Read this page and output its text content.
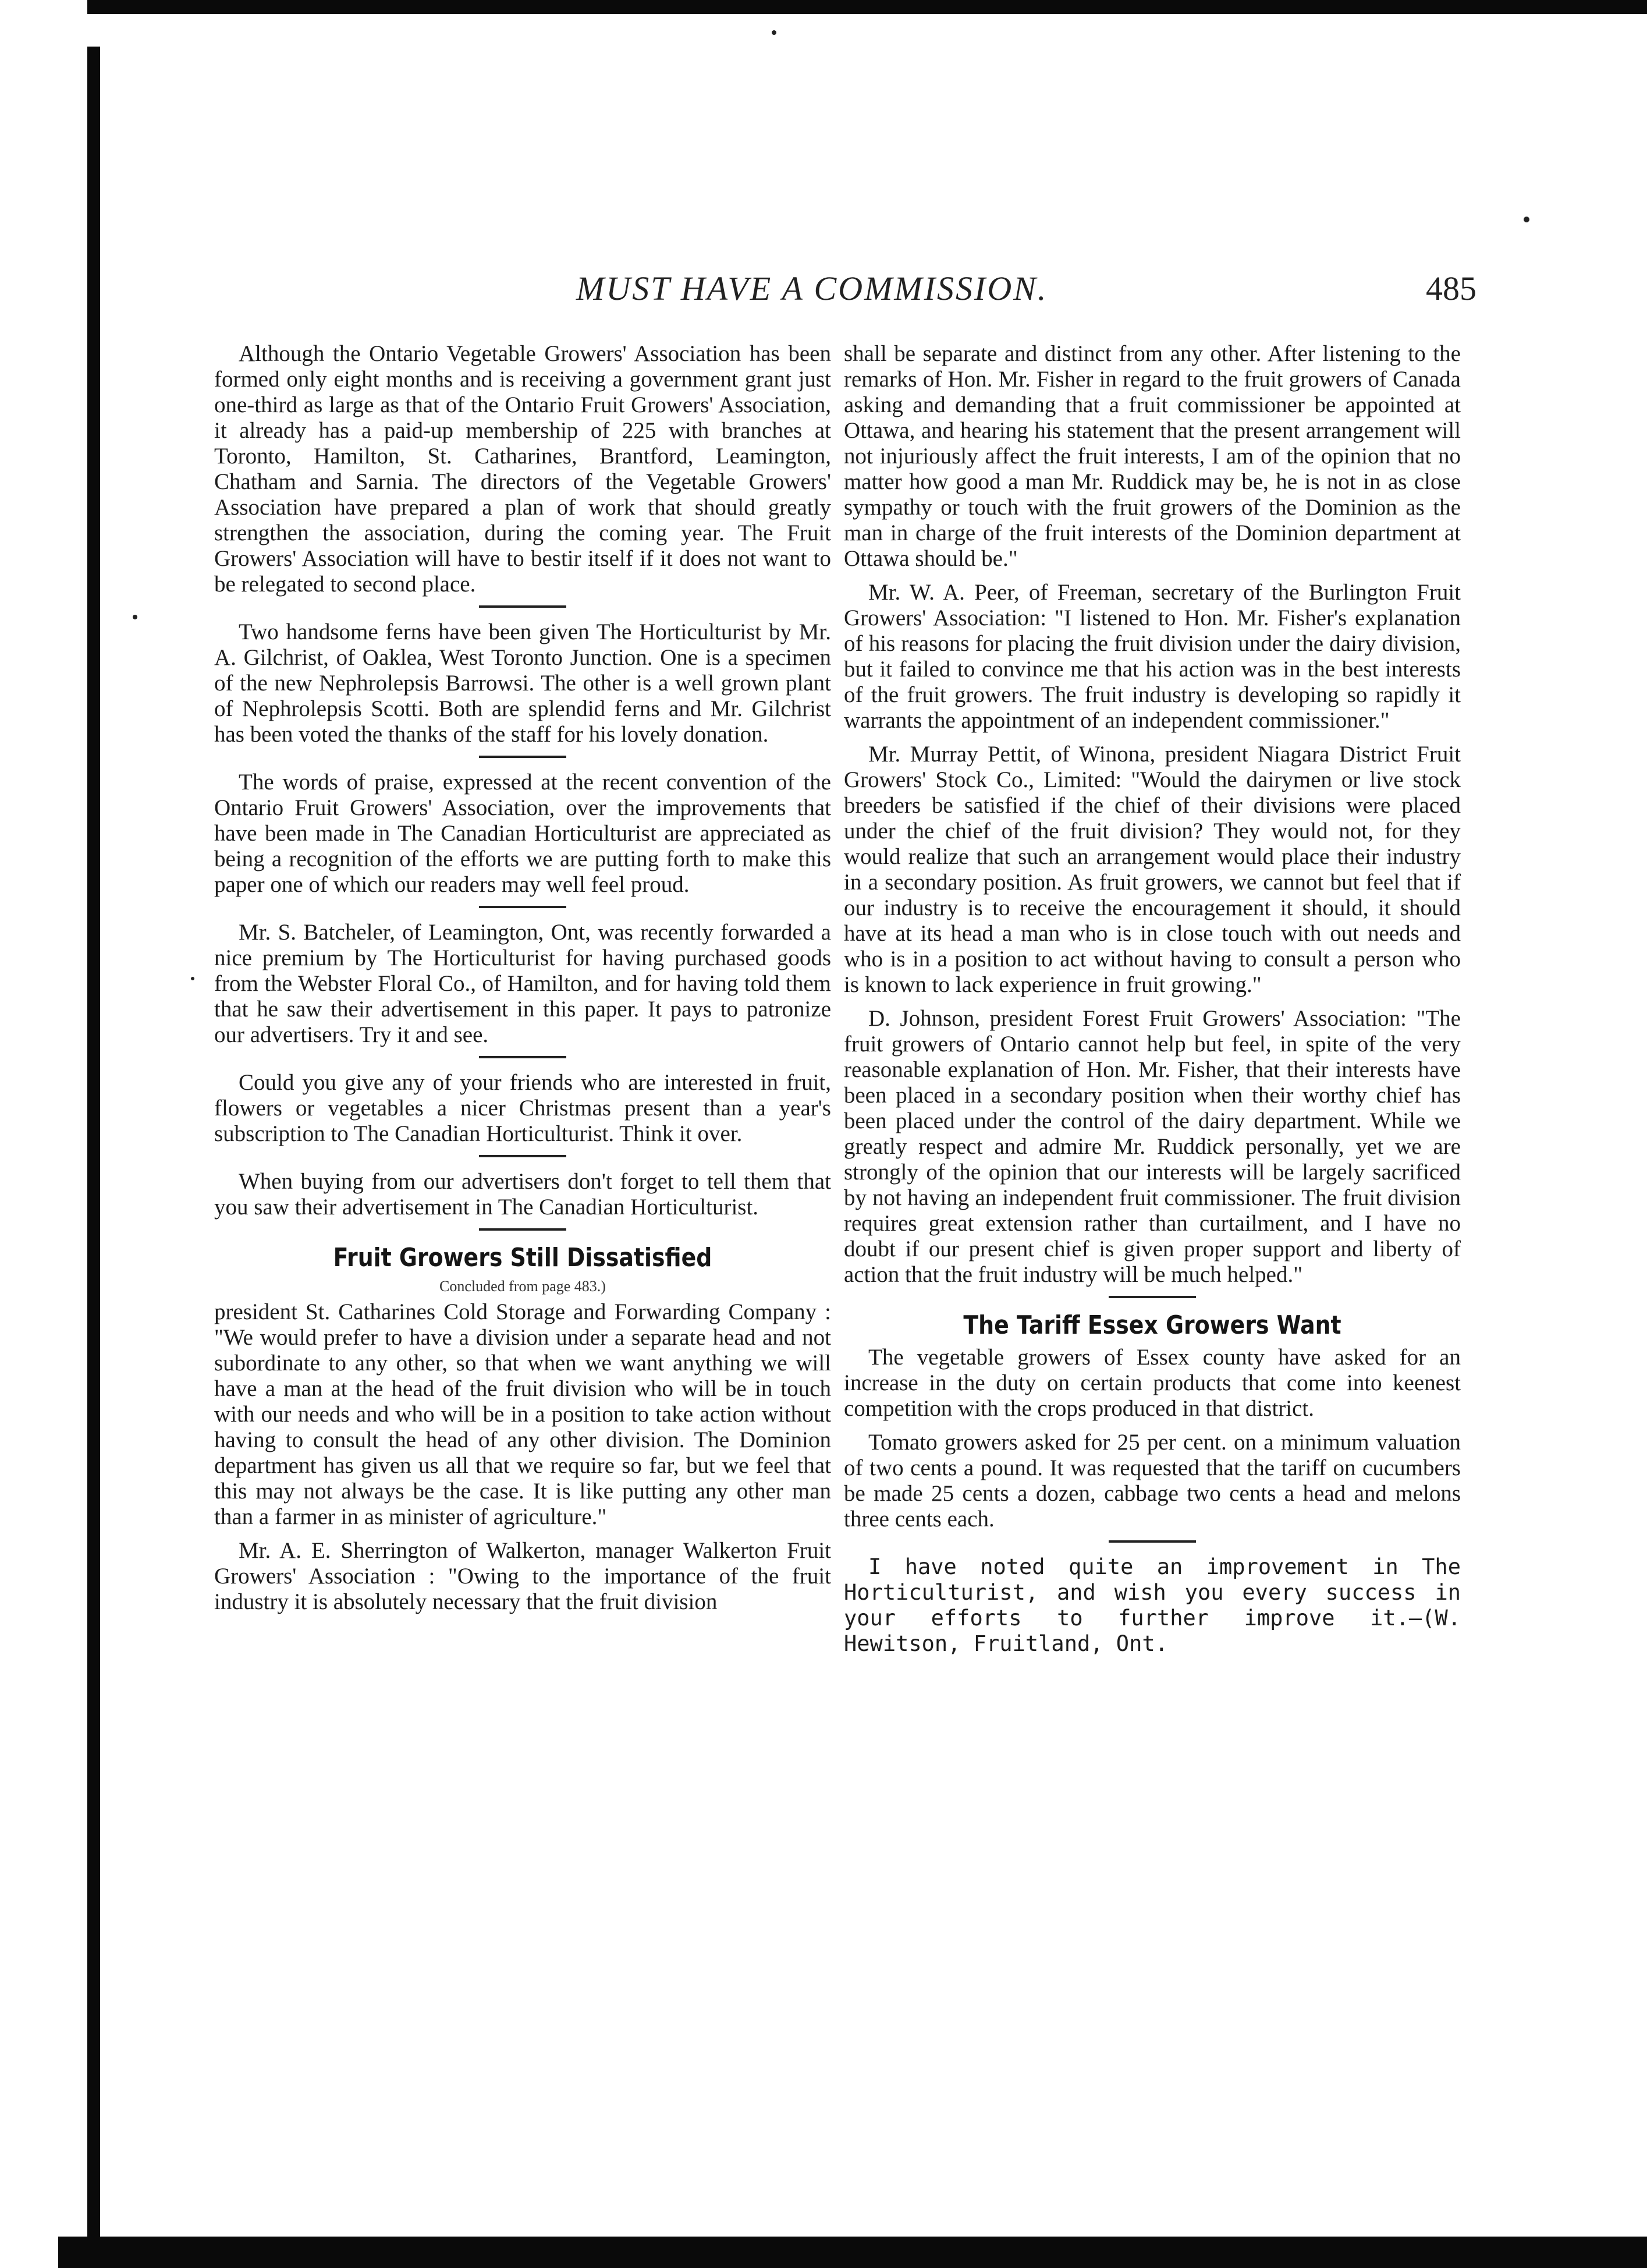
MUST HAVE A COMMISSION.	485

Although the Ontario Vegetable Growers' Association has been formed only eight months and is receiving a government grant just one-third as large as that of the Ontario Fruit Growers' Association, it already has a paid-up membership of 225 with branches at Toronto, Hamilton, St. Catharines, Brantford, Leamington, Chatham and Sarnia. The directors of the Vegetable Growers' Association have prepared a plan of work that should greatly strengthen the association, during the coming year. The Fruit Growers' Association will have to bestir itself if it does not want to be relegated to second place.

Two handsome ferns have been given The Horticulturist by Mr. A. Gilchrist, of Oaklea, West Toronto Junction. One is a specimen of the new Nephrolepsis Barrowsi. The other is a well grown plant of Nephrolepsis Scotti. Both are splendid ferns and Mr. Gilchrist has been voted the thanks of the staff for his lovely donation.

The words of praise, expressed at the recent convention of the Ontario Fruit Growers' Association, over the improvements that have been made in The Canadian Horticulturist are appreciated as being a recognition of the efforts we are putting forth to make this paper one of which our readers may well feel proud.

Mr. S. Batcheler, of Leamington, Ont, was recently forwarded a nice premium by The Horticulturist for having purchased goods from the Webster Floral Co., of Hamilton, and for having told them that he saw their advertisement in this paper. It pays to patronize our advertisers. Try it and see.

Could you give any of your friends who are interested in fruit, flowers or vegetables a nicer Christmas present than a year's subscription to The Canadian Horticulturist. Think it over.

When buying from our advertisers don't forget to tell them that you saw their advertisement in The Canadian Horticulturist.

Fruit Growers Still Dissatisfied
Concluded from page 483.)

president St. Catharines Cold Storage and Forwarding Company : "We would prefer to have a division under a separate head and not subordinate to any other, so that when we want anything we will have a man at the head of the fruit division who will be in touch with our needs and who will be in a position to take action without having to consult the head of any other division. The Dominion department has given us all that we require so far, but we feel that this may not always be the case. It is like putting any other man than a farmer in as minister of agriculture."

Mr. A. E. Sherrington of Walkerton, manager Walkerton Fruit Growers' Association : "Owing to the importance of the fruit industry it is absolutely necessary that the fruit division

shall be separate and distinct from any other. After listening to the remarks of Hon. Mr. Fisher in regard to the fruit growers of Canada asking and demanding that a fruit commissioner be appointed at Ottawa, and hearing his statement that the present arrangement will not injuriously affect the fruit interests, I am of the opinion that no matter how good a man Mr. Ruddick may be, he is not in as close sympathy or touch with the fruit growers of the Dominion as the man in charge of the fruit interests of the Dominion department at Ottawa should be."

Mr. W. A. Peer, of Freeman, secretary of the Burlington Fruit Growers' Association: "I listened to Hon. Mr. Fisher's explanation of his reasons for placing the fruit division under the dairy division, but it failed to convince me that his action was in the best interests of the fruit growers. The fruit industry is developing so rapidly it warrants the appointment of an independent commissioner."

Mr. Murray Pettit, of Winona, president Niagara District Fruit Growers' Stock Co., Limited: "Would the dairymen or live stock breeders be satisfied if the chief of their divisions were placed under the chief of the fruit division? They would not, for they would realize that such an arrangement would place their industry in a secondary position. As fruit growers, we cannot but feel that if our industry is to receive the encouragement it should, it should have at its head a man who is in close touch with out needs and who is in a position to act without having to consult a person who is known to lack experience in fruit growing."

D. Johnson, president Forest Fruit Growers' Association: "The fruit growers of Ontario cannot help but feel, in spite of the very reasonable explanation of Hon. Mr. Fisher, that their interests have been placed in a secondary position when their worthy chief has been placed under the control of the dairy department. While we greatly respect and admire Mr. Ruddick personally, yet we are strongly of the opinion that our interests will be largely sacrificed by not having an independent fruit commissioner. The fruit division requires great extension rather than curtailment, and I have no doubt if our present chief is given proper support and liberty of action that the fruit industry will be much helped."

The Tariff Essex Growers Want

The vegetable growers of Essex county have asked for an increase in the duty on certain products that come into keenest competition with the crops produced in that district.

Tomato growers asked for 25 per cent. on a minimum valuation of two cents a pound. It was requested that the tariff on cucumbers be made 25 cents a dozen, cabbage two cents a head and melons three cents each.

I have noted quite an improvement in The Horticulturist, and wish you every success in your efforts to further improve it.—(W. Hewitson, Fruitland, Ont.
